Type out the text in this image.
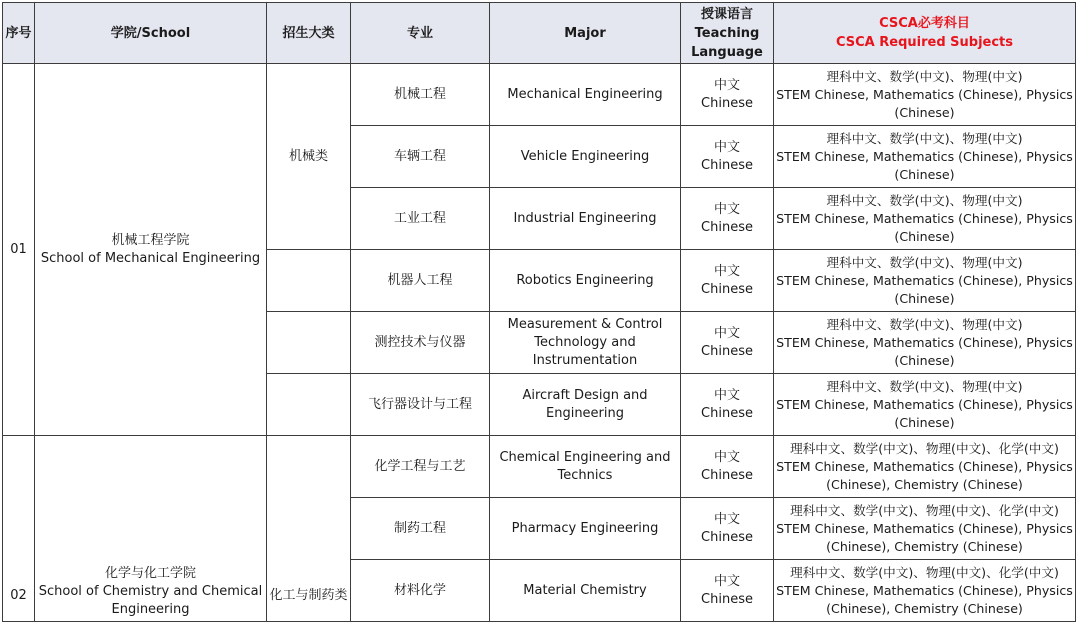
序号	学院/School	招生大类	专业	Major	授课语言
Teaching
Language	CSCA必考科目
CSCA Required Subjects

01	机械工程学院
School of Mechanical Engineering	机械类	机械工程	Mechanical Engineering	中文
Chinese	理科中文、数学(中文)、物理(中文)
STEM Chinese, Mathematics (Chinese), Physics (Chinese)

			车辆工程	Vehicle Engineering	中文
Chinese	理科中文、数学(中文)、物理(中文)
STEM Chinese, Mathematics (Chinese), Physics (Chinese)

			工业工程	Industrial Engineering	中文
Chinese	理科中文、数学(中文)、物理(中文)
STEM Chinese, Mathematics (Chinese), Physics (Chinese)

			机器人工程	Robotics Engineering	中文
Chinese	理科中文、数学(中文)、物理(中文)
STEM Chinese, Mathematics (Chinese), Physics (Chinese)

			测控技术与仪器	Measurement & Control Technology and Instrumentation	中文
Chinese	理科中文、数学(中文)、物理(中文)
STEM Chinese, Mathematics (Chinese), Physics (Chinese)

			飞行器设计与工程	Aircraft Design and Engineering	中文
Chinese	理科中文、数学(中文)、物理(中文)
STEM Chinese, Mathematics (Chinese), Physics (Chinese)

02	化学与化工学院
School of Chemistry and Chemical Engineering	化工与制药类	化学工程与工艺	Chemical Engineering and Technics	中文
Chinese	理科中文、数学(中文)、物理(中文)、化学(中文)
STEM Chinese, Mathematics (Chinese), Physics (Chinese), Chemistry (Chinese)

			制药工程	Pharmacy Engineering	中文
Chinese	理科中文、数学(中文)、物理(中文)、化学(中文)
STEM Chinese, Mathematics (Chinese), Physics (Chinese), Chemistry (Chinese)

			材料化学	Material Chemistry	中文
Chinese	理科中文、数学(中文)、物理(中文)、化学(中文)
STEM Chinese, Mathematics (Chinese), Physics (Chinese), Chemistry (Chinese)
